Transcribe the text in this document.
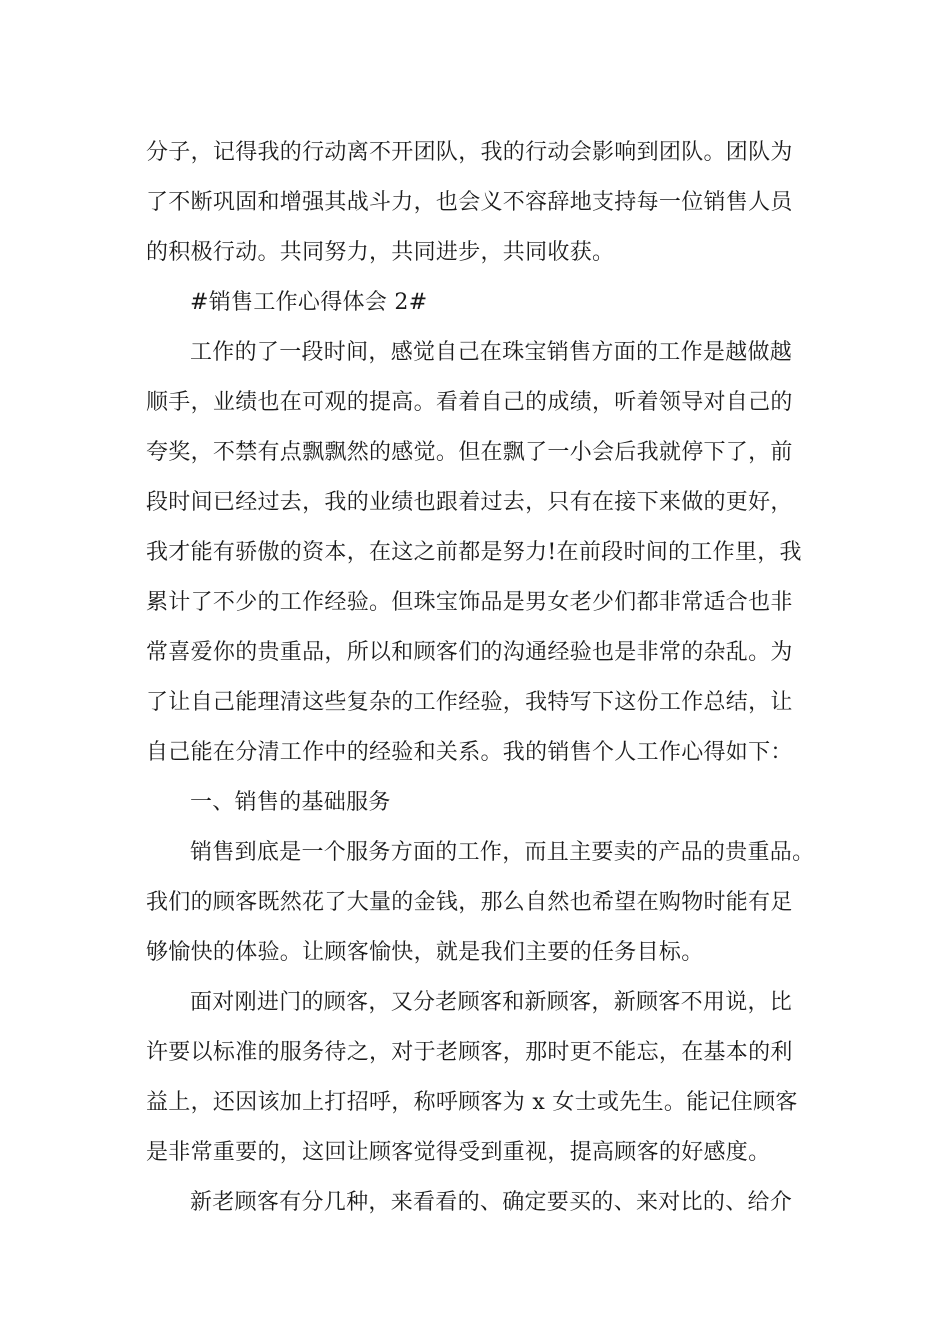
分子，记得我的行动离不开团队，我的行动会影响到团队。团队为
了不断巩固和增强其战斗力，也会义不容辞地支持每一位销售人员
的积极行动。共同努力，共同进步，共同收获。
#销售工作心得体会 2#
工作的了一段时间，感觉自己在珠宝销售方面的工作是越做越
顺手，业绩也在可观的提高。看着自己的成绩，听着领导对自己的
夸奖，不禁有点飘飘然的感觉。但在飘了一小会后我就停下了，前
段时间已经过去，我的业绩也跟着过去，只有在接下来做的更好，
我才能有骄傲的资本，在这之前都是努力!在前段时间的工作里，我
累计了不少的工作经验。但珠宝饰品是男女老少们都非常适合也非
常喜爱你的贵重品，所以和顾客们的沟通经验也是非常的杂乱。为
了让自己能理清这些复杂的工作经验，我特写下这份工作总结，让
自己能在分清工作中的经验和关系。我的销售个人工作心得如下：
一、销售的基础服务
销售到底是一个服务方面的工作，而且主要卖的产品的贵重品。
我们的顾客既然花了大量的金钱，那么自然也希望在购物时能有足
够愉快的体验。让顾客愉快，就是我们主要的任务目标。
面对刚进门的顾客，又分老顾客和新顾客，新顾客不用说，比
许要以标准的服务待之，对于老顾客，那时更不能忘，在基本的利
益上，还因该加上打招呼，称呼顾客为 x 女士或先生。能记住顾客
是非常重要的，这回让顾客觉得受到重视，提高顾客的好感度。
新老顾客有分几种，来看看的、确定要买的、来对比的、给介
